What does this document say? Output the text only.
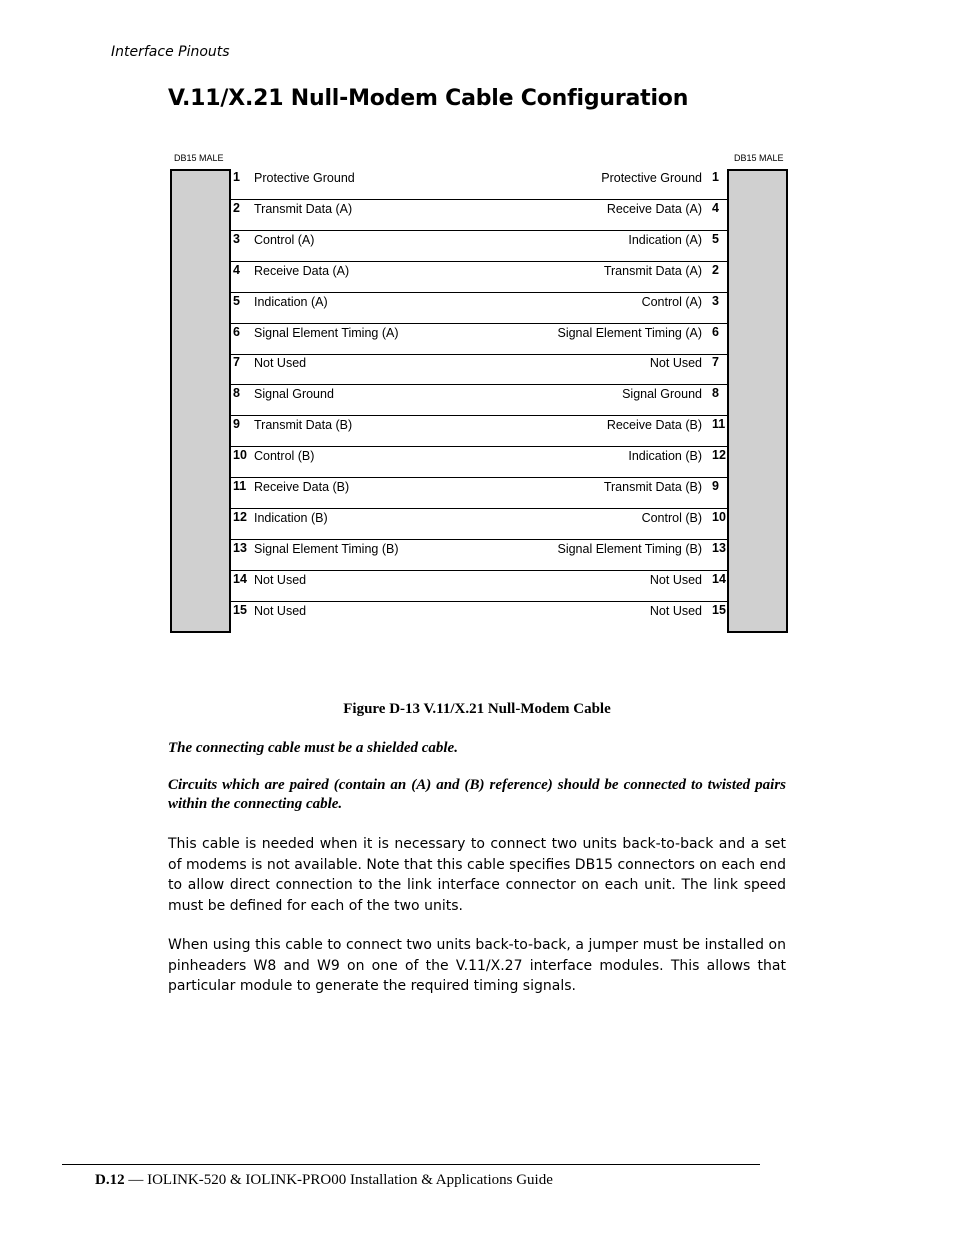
Interface Pinouts
V.11/X.21 Null-Modem Cable Configuration
DB15 MALE	DB15 MALE
1 Protective Ground	Protective Ground 1
2 Transmit Data (A)	Receive Data (A) 4
3 Control (A)	Indication (A) 5
4 Receive Data (A)	Transmit Data (A) 2
5 Indication (A)	Control (A) 3
6 Signal Element Timing (A)	Signal Element Timing (A) 6
7 Not Used	Not Used 7
8 Signal Ground	Signal Ground 8
9 Transmit Data (B)	Receive Data (B) 11
10 Control (B)	Indication (B) 12
11 Receive Data (B)	Transmit Data (B) 9
12 Indication (B)	Control (B) 10
13 Signal Element Timing (B)	Signal Element Timing (B) 13
14 Not Used	Not Used 14
15 Not Used	Not Used 15
Figure D-13 V.11/X.21 Null-Modem Cable
The connecting cable must be a shielded cable.
Circuits which are paired (contain an (A) and (B) reference) should be connected to twisted pairs within the connecting cable.
This cable is needed when it is necessary to connect two units back-to-back and a set of modems is not available. Note that this cable specifies DB15 connectors on each end to allow direct connection to the link interface connector on each unit. The link speed must be defined for each of the two units.
When using this cable to connect two units back-to-back, a jumper must be installed on pinheaders W8 and W9 on one of the V.11/X.27 interface modules. This allows that particular module to generate the required timing signals.
D.12 — IOLINK-520 & IOLINK-PRO00 Installation & Applications Guide
